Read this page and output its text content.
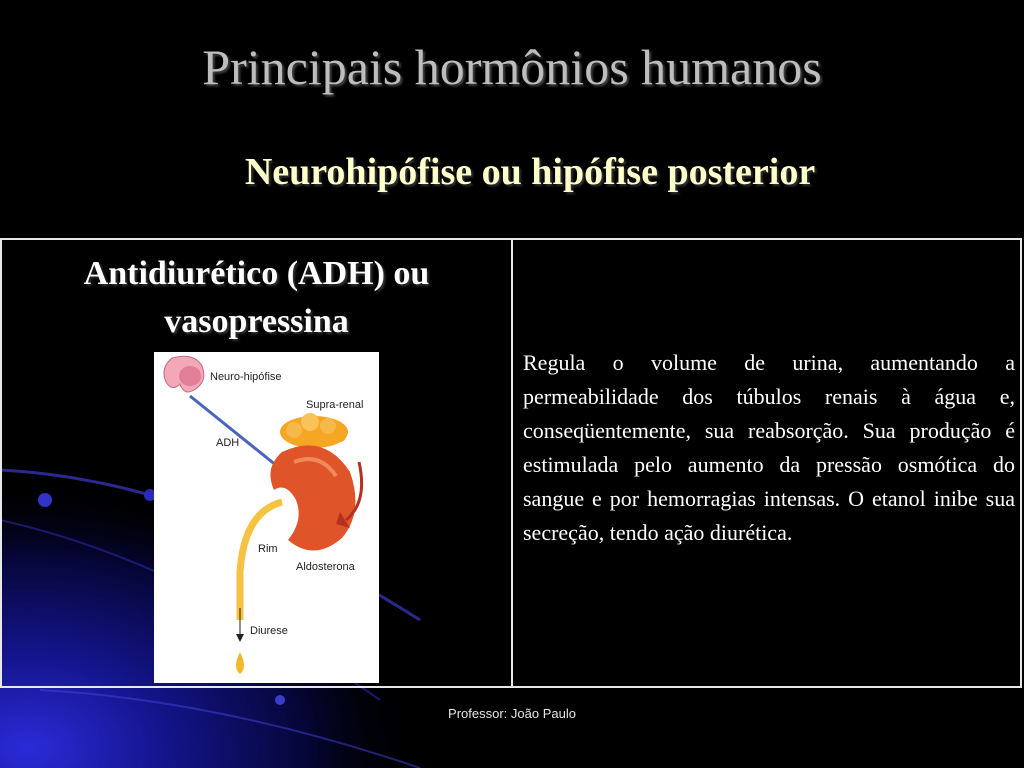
Principais hormônios humanos
Neurohipófise ou hipófise posterior
Antidiurético (ADH) ou vasopressina
Neuro-hipófise
ADH
Supra-renal
Rim
Aldosterona
Diurese

Regula o volume de urina, aumentando a permeabilidade dos túbulos renais à água e, conseqüentemente, sua reabsorção. Sua produção é estimulada pelo aumento da pressão osmótica do sangue e por hemorragias intensas. O etanol inibe sua secreção, tendo ação diurética.

Professor: João Paulo
